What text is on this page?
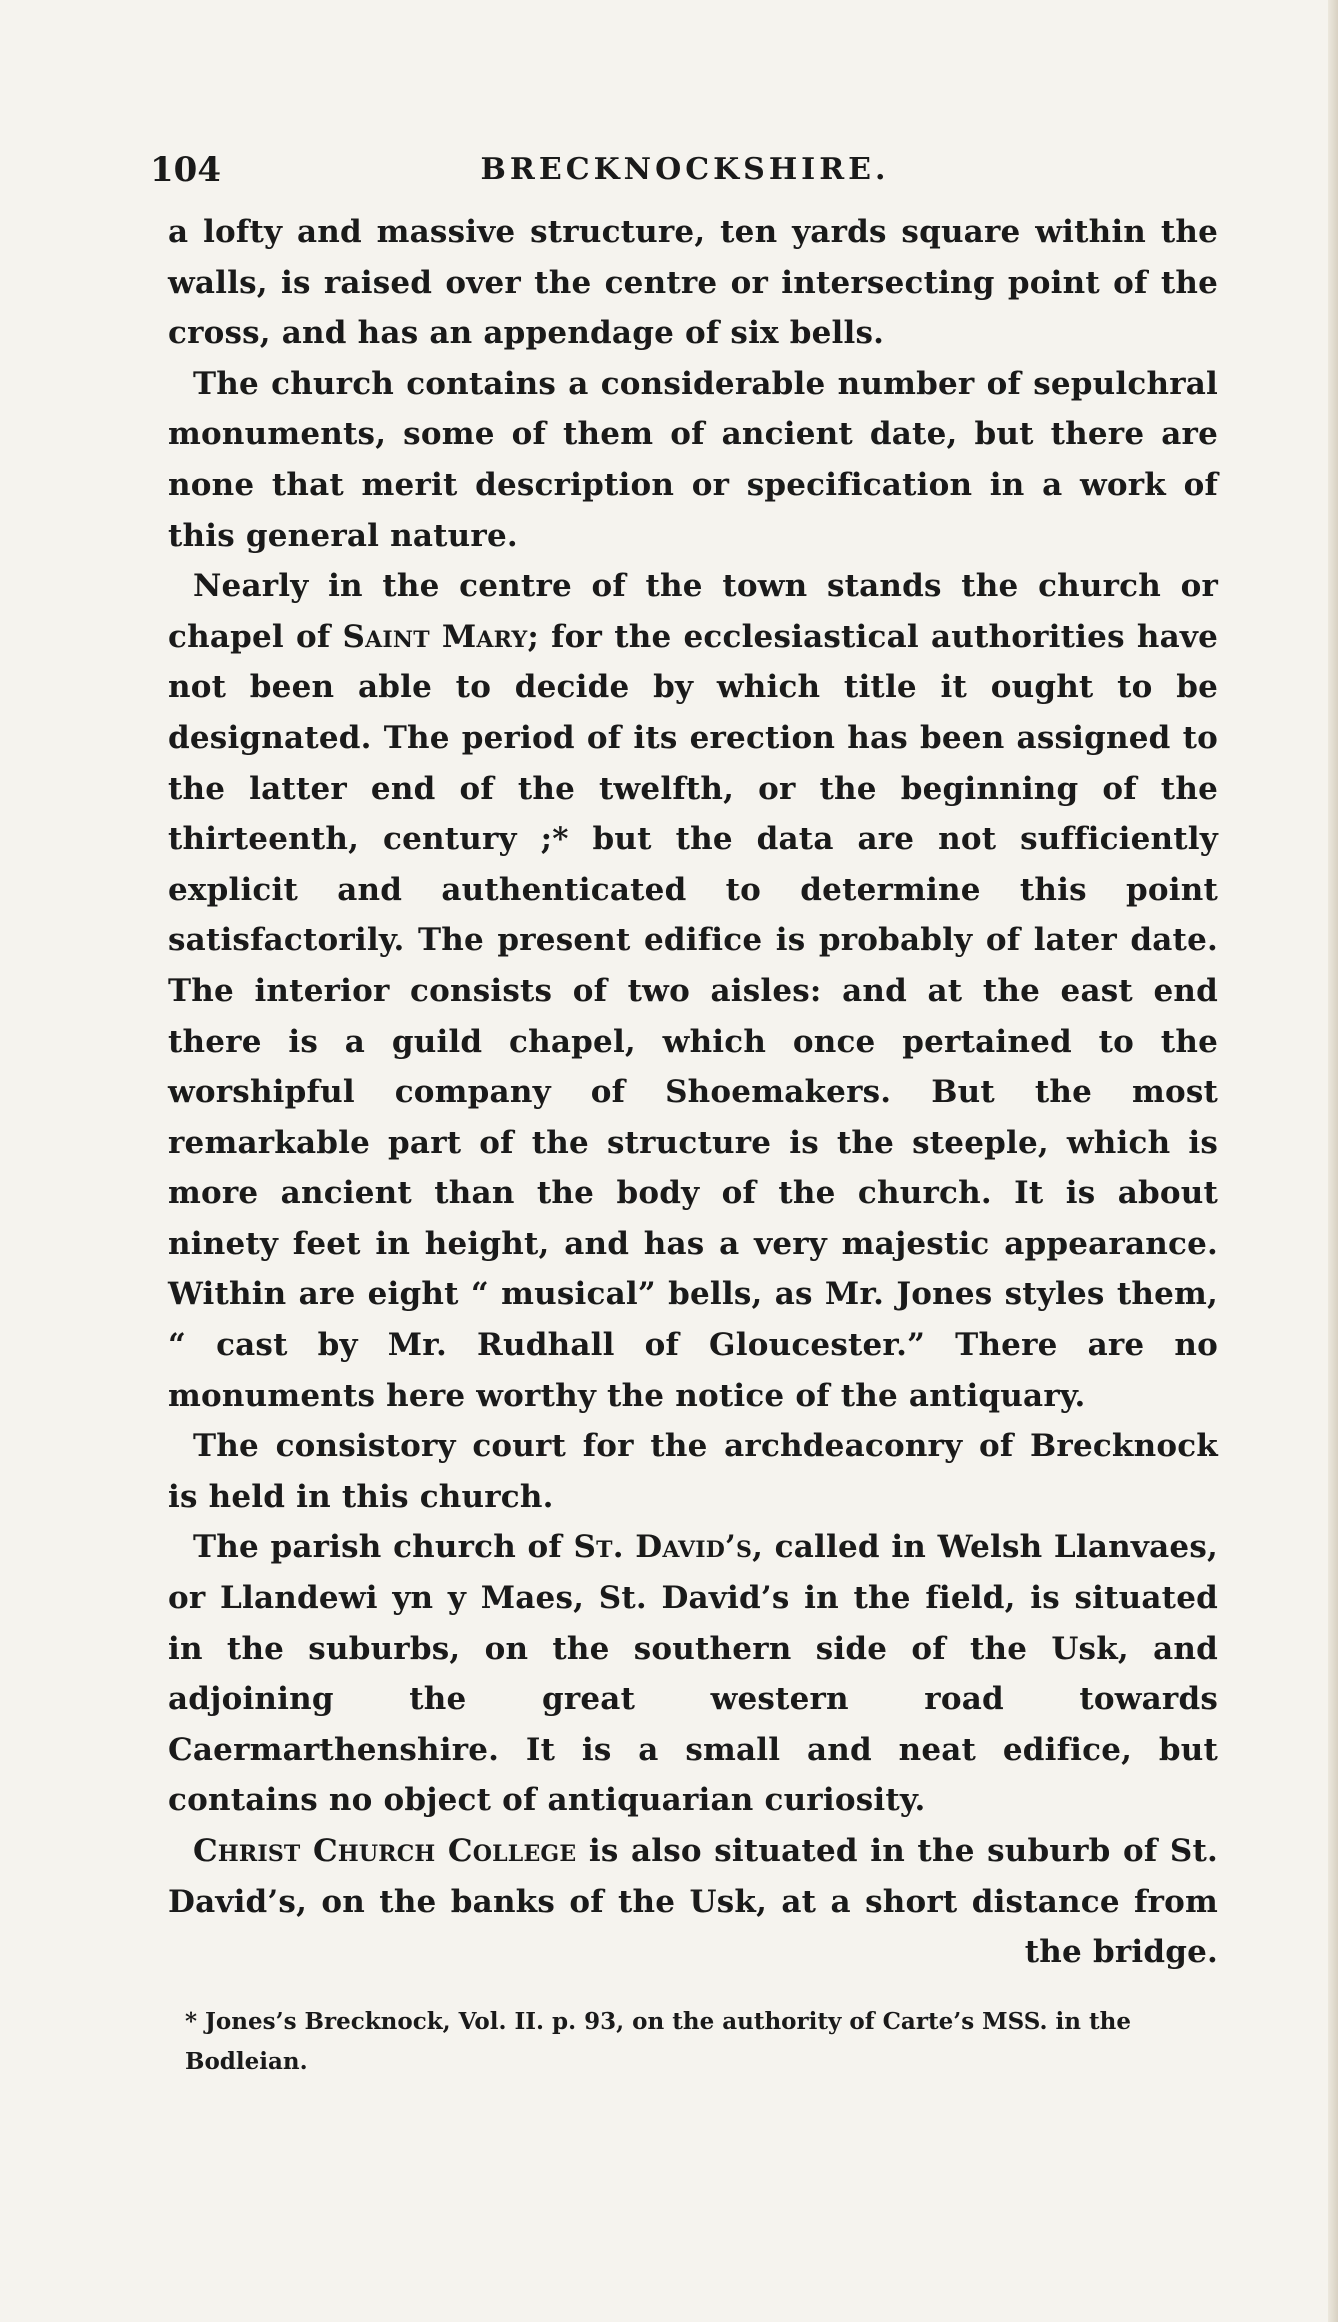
104	BRECKNOCKSHIRE.

a lofty and massive structure, ten yards square within the walls, is raised over the centre or intersecting point of the cross, and has an appendage of six bells.

The church contains a considerable number of sepulchral monuments, some of them of ancient date, but there are none that merit description or specification in a work of this general nature.

Nearly in the centre of the town stands the church or chapel of Saint Mary; for the ecclesiastical authorities have not been able to decide by which title it ought to be designated. The period of its erection has been assigned to the latter end of the twelfth, or the beginning of the thirteenth, century ;* but the data are not sufficiently explicit and authenticated to determine this point satisfactorily. The present edifice is probably of later date. The interior consists of two aisles: and at the east end there is a guild chapel, which once pertained to the worshipful company of Shoemakers. But the most remarkable part of the structure is the steeple, which is more ancient than the body of the church. It is about ninety feet in height, and has a very majestic appearance. Within are eight “ musical” bells, as Mr. Jones styles them, “ cast by Mr. Rudhall of Gloucester.” There are no monuments here worthy the notice of the antiquary.

The consistory court for the archdeaconry of Brecknock is held in this church.

The parish church of St. David’s, called in Welsh Llanvaes, or Llandewi yn y Maes, St. David’s in the field, is situated in the suburbs, on the southern side of the Usk, and adjoining the great western road towards Caermarthenshire. It is a small and neat edifice, but contains no object of antiquarian curiosity.

Christ Church College is also situated in the suburb of St. David’s, on the banks of the Usk, at a short distance from the bridge.

* Jones’s Brecknock, Vol. II. p. 93, on the authority of Carte’s MSS. in the Bodleian.
